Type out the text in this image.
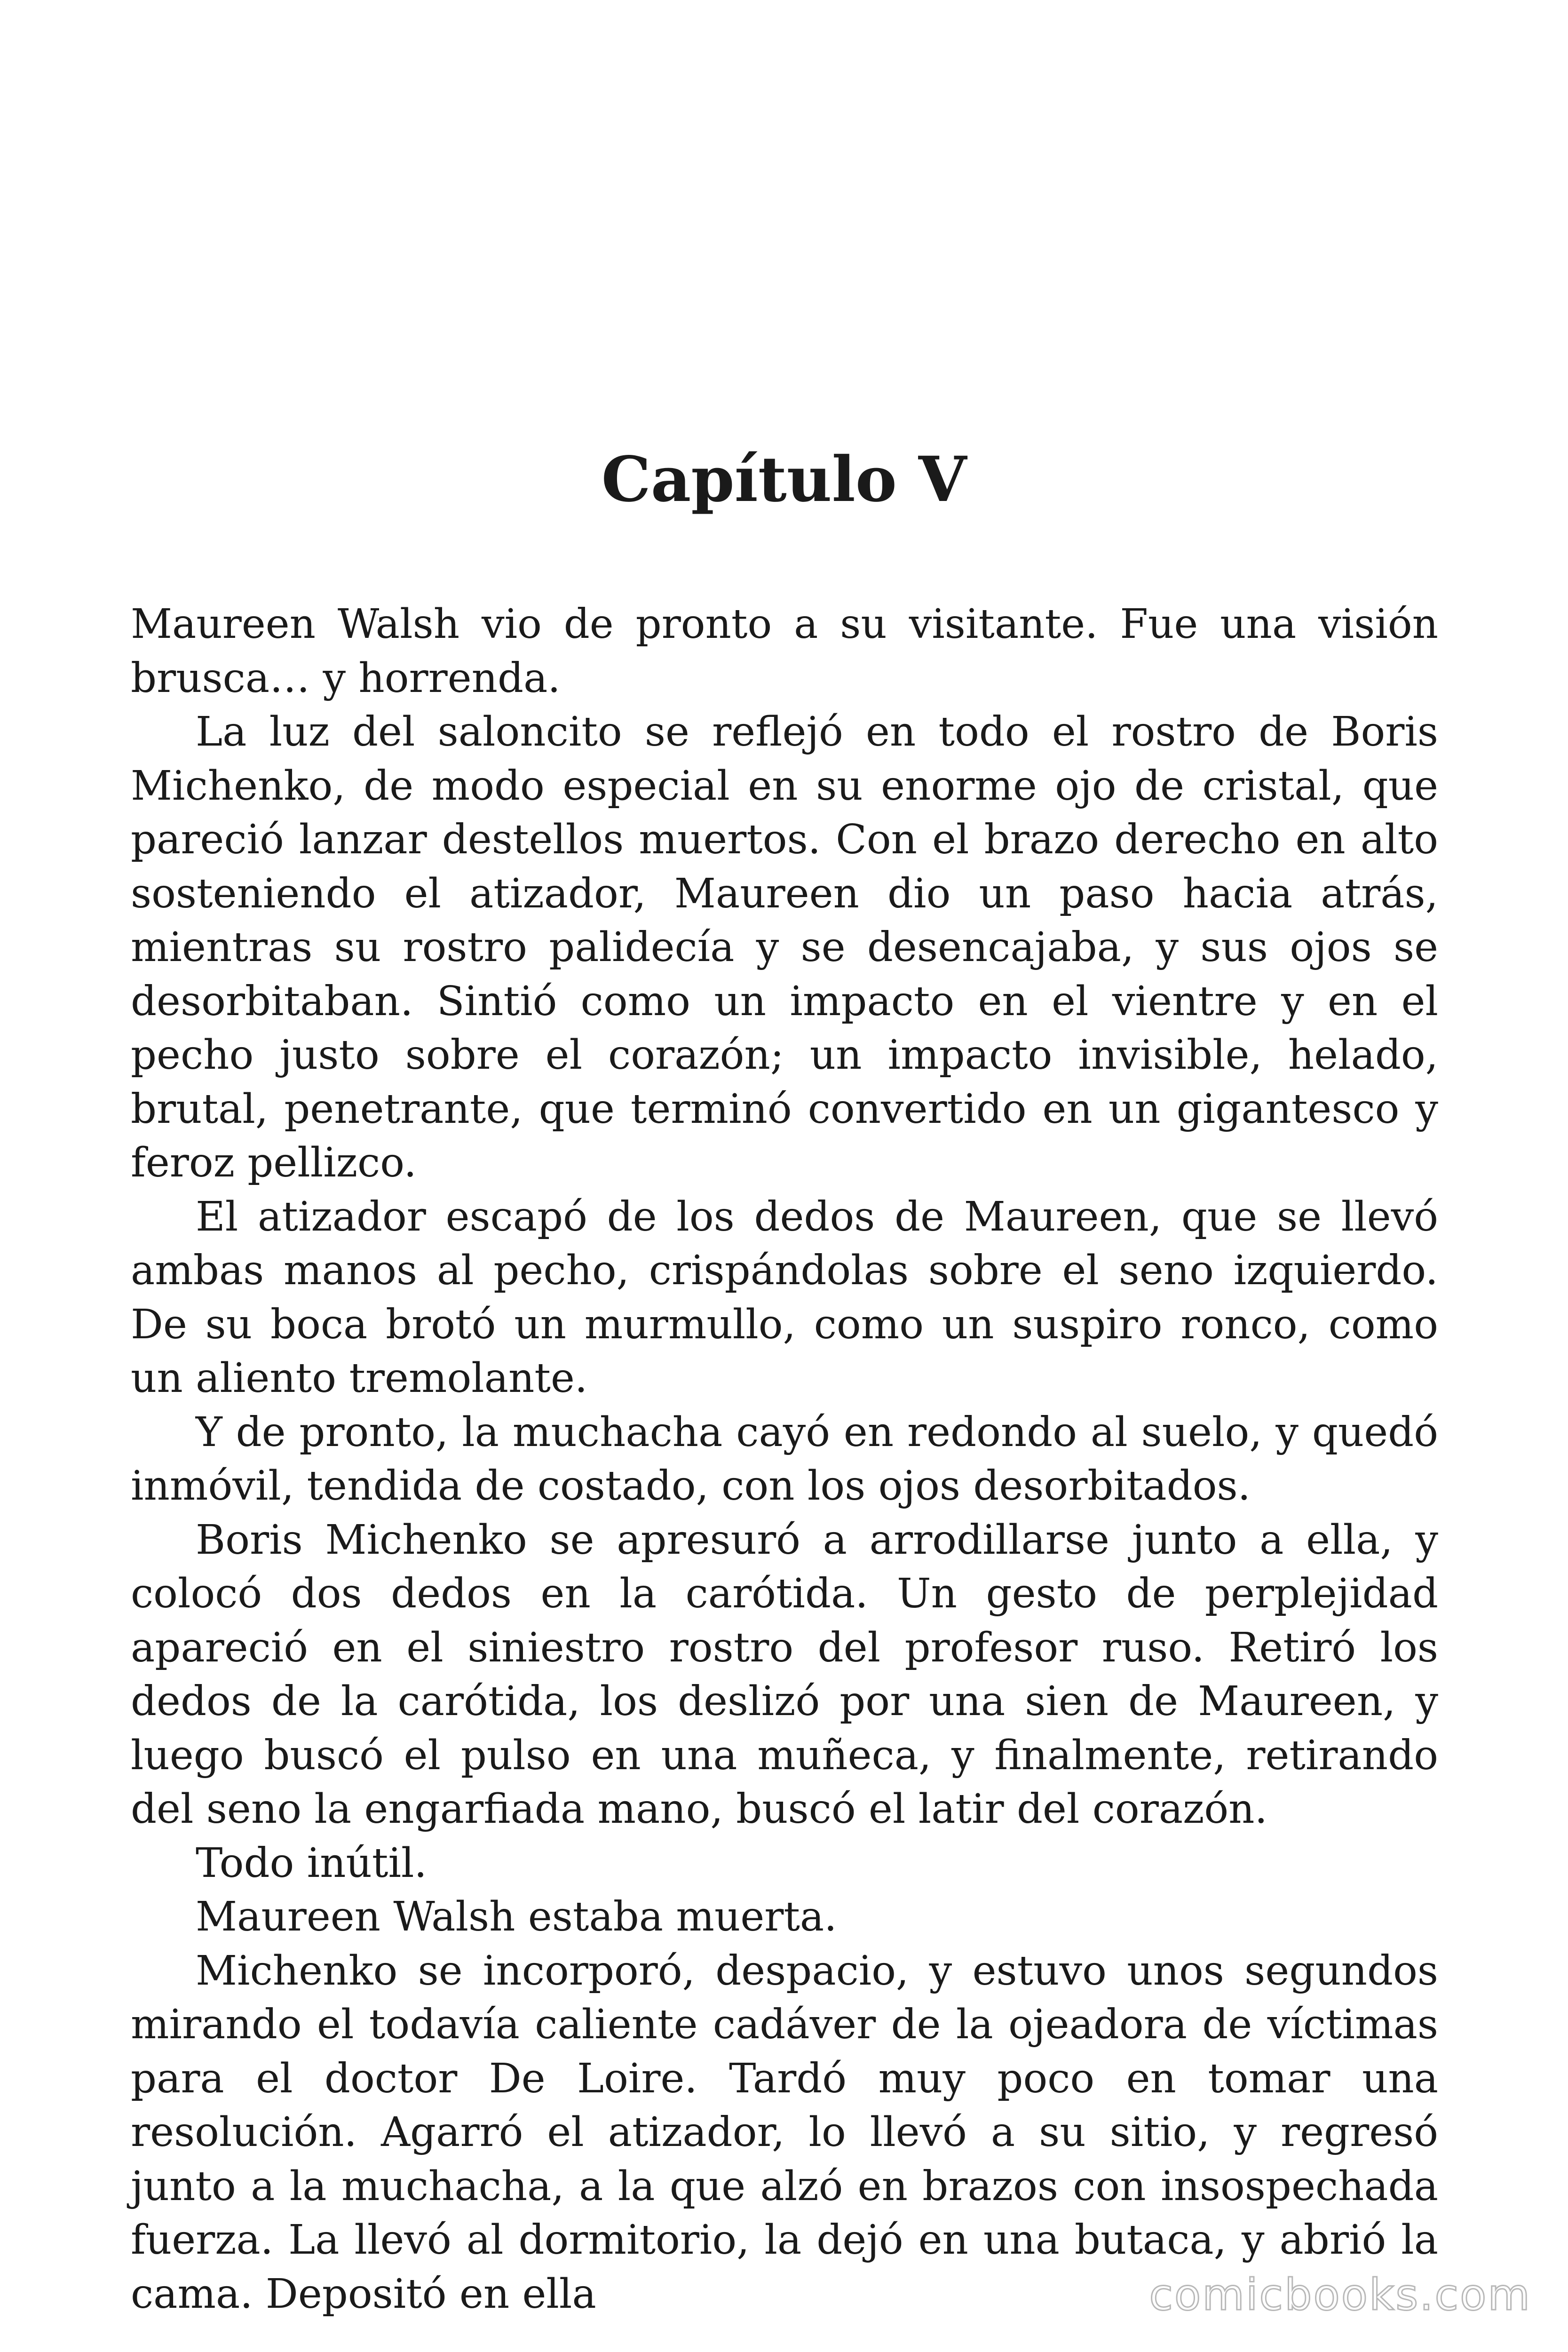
Capítulo V

Maureen Walsh vio de pronto a su visitante. Fue una visión brusca… y horrenda.

La luz del saloncito se reflejó en todo el rostro de Boris Michenko, de modo especial en su enorme ojo de cristal, que pareció lanzar destellos muertos. Con el brazo derecho en alto sosteniendo el atizador, Maureen dio un paso hacia atrás, mientras su rostro palidecía y se desencajaba, y sus ojos se desorbitaban. Sintió como un impacto en el vientre y en el pecho justo sobre el corazón; un impacto invisible, helado, brutal, penetrante, que terminó convertido en un gigantesco y feroz pellizco.

El atizador escapó de los dedos de Maureen, que se llevó ambas manos al pecho, crispándolas sobre el seno izquierdo. De su boca brotó un murmullo, como un suspiro ronco, como un aliento tremolante.

Y de pronto, la muchacha cayó en redondo al suelo, y quedó inmóvil, tendida de costado, con los ojos desorbitados.

Boris Michenko se apresuró a arrodillarse junto a ella, y colocó dos dedos en la carótida. Un gesto de perplejidad apareció en el siniestro rostro del profesor ruso. Retiró los dedos de la carótida, los deslizó por una sien de Maureen, y luego buscó el pulso en una muñeca, y finalmente, retirando del seno la engarfiada mano, buscó el latir del corazón.

Todo inútil.

Maureen Walsh estaba muerta.

Michenko se incorporó, despacio, y estuvo unos segundos mirando el todavía caliente cadáver de la ojeadora de víctimas para el doctor De Loire. Tardó muy poco en tomar una resolución. Agarró el atizador, lo llevó a su sitio, y regresó junto a la muchacha, a la que alzó en brazos con insospechada fuerza. La llevó al dormitorio, la dejó en una butaca, y abrió la cama. Depositó en ella	comicbooks.com
